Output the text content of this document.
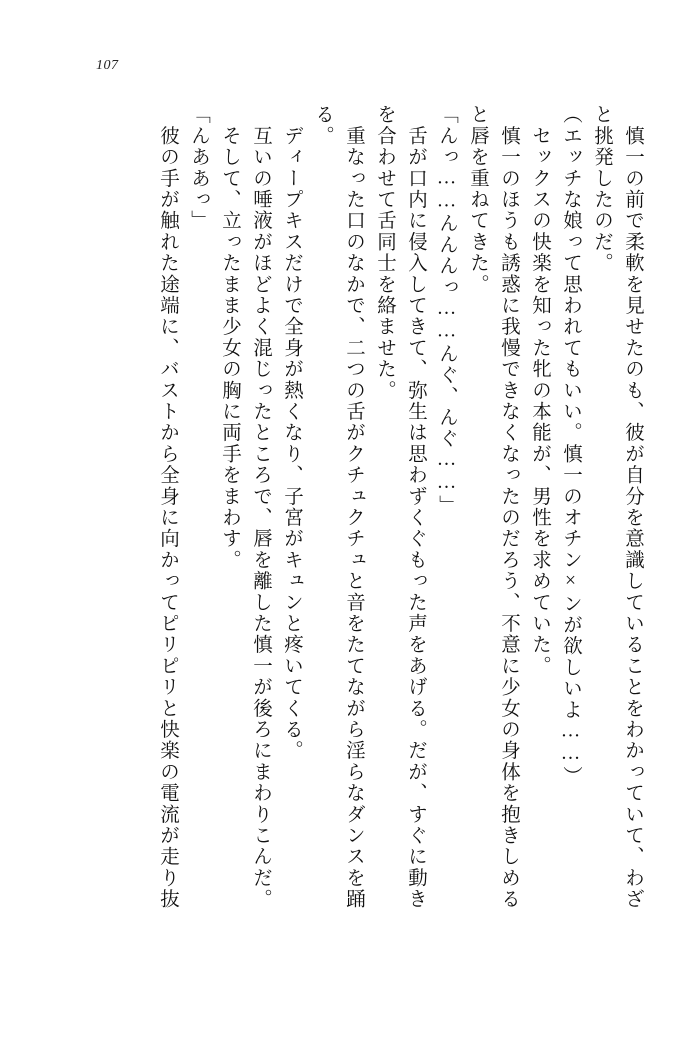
107
　慎一の前で柔軟を見せたのも、彼が自分を意識していることをわかっていて、わざ
と挑発したのだ。
（エッチな娘って思われてもいい。慎一のオチン×ンが欲しいよ……）
　セックスの快楽を知った牝の本能が、男性を求めていた。
　慎一のほうも誘惑に我慢できなくなったのだろう、不意に少女の身体を抱きしめる
と唇を重ねてきた。
「んっ……んんんっ……んぐ、んぐ……」
　舌が口内に侵入してきて、弥生は思わずくぐもった声をあげる。だが、すぐに動き
を合わせて舌同士を絡ませた。
　重なった口のなかで、二つの舌がクチュクチュと音をたてながら淫らなダンスを踊
る。
　ディープキスだけで全身が熱くなり、子宮がキュンと疼いてくる。
　互いの唾液がほどよく混じったところで、唇を離した慎一が後ろにまわりこんだ。
　そして、立ったまま少女の胸に両手をまわす。
「んああっ」
　彼の手が触れた途端に、バストから全身に向かってピリピリと快楽の電流が走り抜
